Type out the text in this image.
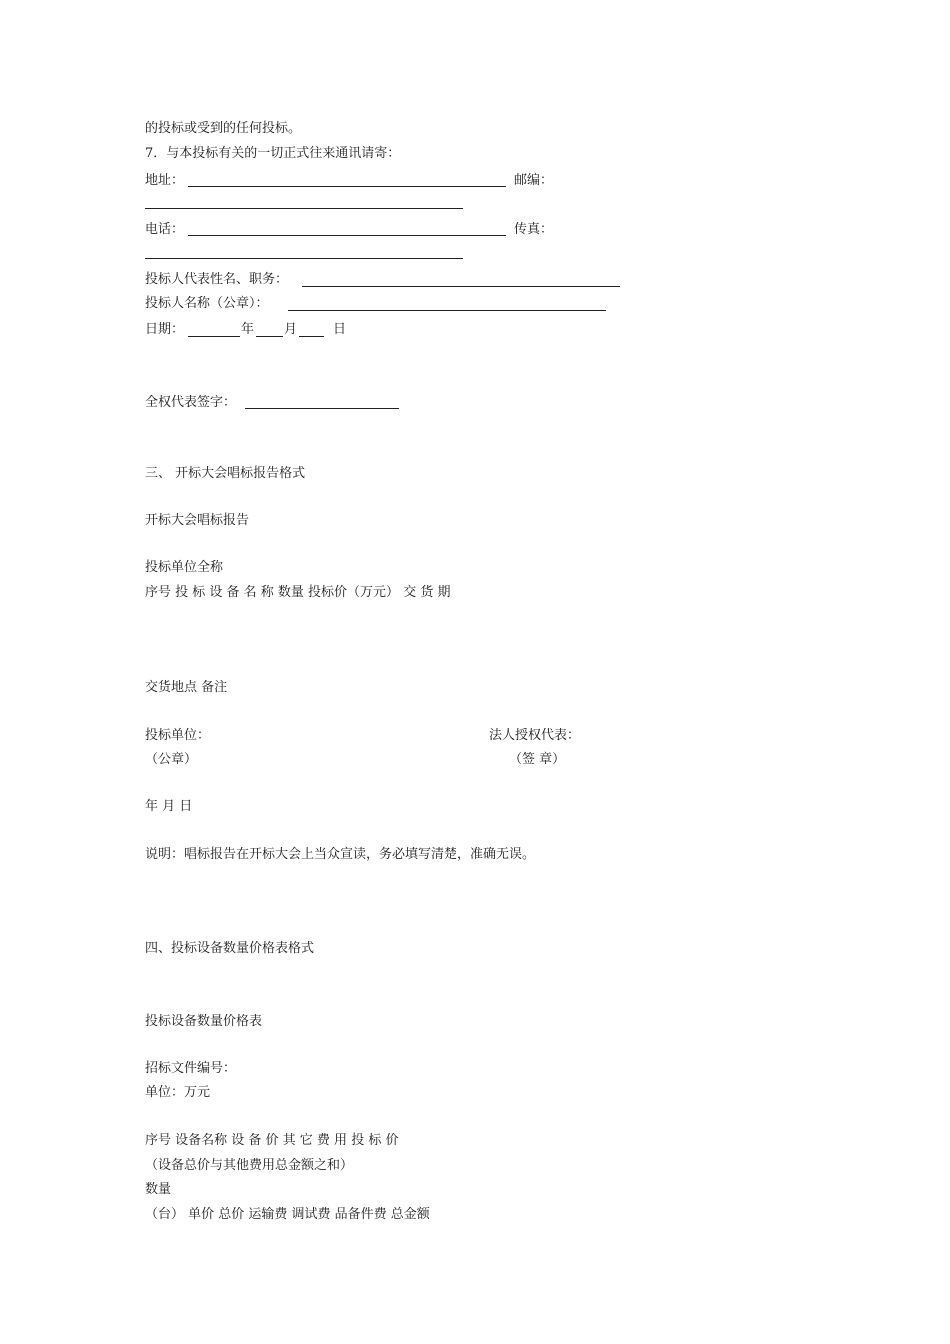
的投标或受到的任何投标。
7．与本投标有关的一切正式往来通讯请寄：
地址：	邮编：
电话：	传真：
投标人代表性名、职务：
投标人名称（公章）：
日期：	年 月	日
全权代表签字：
三、 开标大会唱标报告格式
开标大会唱标报告
投标单位全称
序号 投 标 设 备 名 称 数量 投标价（万元） 交 货 期
交货地点 备注
投标单位：	法人授权代表：
（公章）	（签 章）
年 月 日
说明：唱标报告在开标大会上当众宣读，务必填写清楚，准确无误。
四、投标设备数量价格表格式
投标设备数量价格表
招标文件编号：
单位：万元
序号 设备名称 设 备 价 其 它 费 用 投 标 价
（设备总价与其他费用总金额之和）
数量
（台） 单价 总价 运输费 调试费 品备件费 总金额
